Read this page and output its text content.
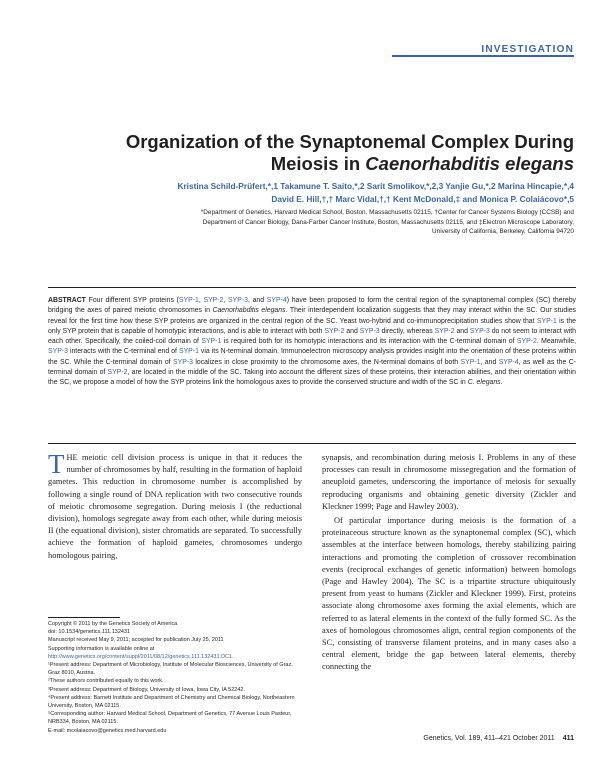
INVESTIGATION
Organization of the Synaptonemal Complex During
Meiosis in Caenorhabditis elegans
Kristina Schild-Prüfert,*,1 Takamune T. Saito,*,2 Sarit Smolikov,*,2,3 Yanjie Gu,*,2 Marina Hincapie,*,4
David E. Hill,†,† Marc Vidal,†,† Kent McDonald,‡ and Monica P. Colaiácovo*,5
*Department of Genetics, Harvard Medical School, Boston, Massachusetts 02115, †Center for Cancer Systems Biology (CCSB) and
Department of Cancer Biology, Dana-Farber Cancer Institute, Boston, Massachusetts 02115, and ‡Electron Microscope Laboratory,
University of California, Berkeley, California 94720
ABSTRACT Four different SYP proteins (SYP-1, SYP-2, SYP-3, and SYP-4) have been proposed to form the central region of the synaptonemal complex (SC) thereby bridging the axes of paired meiotic chromosomes in Caenorhabditis elegans. Their interdependent localization suggests that they may interact within the SC. Our studies reveal for the first time how these SYP proteins are organized in the central region of the SC. Yeast two-hybrid and co-immunoprecipitation studies show that SYP-1 is the only SYP protein that is capable of homotypic interactions, and is able to interact with both SYP-2 and SYP-3 directly, whereas SYP-2 and SYP-3 do not seem to interact with each other. Specifically, the coiled-coil domain of SYP-1 is required both for its homotypic interactions and its interaction with the C-terminal domain of SYP-2. Meanwhile, SYP-3 interacts with the C-terminal end of SYP-1 via its N-terminal domain. Immunoelectron microscopy analysis provides insight into the orientation of these proteins within the SC. While the C-terminal domain of SYP-3 localizes in close proximity to the chromosome axes, the N-terminal domains of both SYP-1, and SYP-4, as well as the C-terminal domain of SYP-2, are located in the middle of the SC. Taking into account the different sizes of these proteins, their interaction abilities, and their orientation within the SC, we propose a model of how the SYP proteins link the homologous axes to provide the conserved structure and width of the SC in C. elegans.
THE meiotic cell division process is unique in that it reduces the number of chromosomes by half, resulting in the formation of haploid gametes. This reduction in chromosome number is accomplished by following a single round of DNA replication with two consecutive rounds of meiotic chromosome segregation. During meiosis I (the reductional division), homologs segregate away from each other, while during meiosis II (the equational division), sister chromatids are separated. To successfully achieve the formation of haploid gametes, chromosomes undergo homologous pairing,
synapsis, and recombination during meiosis I. Problems in any of these processes can result in chromosome missegregation and the formation of aneuploid gametes, underscoring the importance of meiosis for sexually reproducing organisms and obtaining genetic diversity (Zickler and Kleckner 1999; Page and Hawley 2003).
Of particular importance during meiosis is the formation of a proteinaceous structure known as the synaptonemal complex (SC), which assembles at the interface between homologs, thereby stabilizing pairing interactions and promoting the completion of crossover recombination events (reciprocal exchanges of genetic information) between homologs (Page and Hawley 2004). The SC is a tripartite structure ubiquitously present from yeast to humans (Zickler and Kleckner 1999). First, proteins associate along chromosome axes forming the axial elements, which are referred to as lateral elements in the context of the fully formed SC. As the axes of homologous chromosomes align, central region components of the SC, consisting of transverse filament proteins, and in many cases also a central element, bridge the gap between lateral elements, thereby connecting the
Copyright © 2011 by the Genetics Society of America
doi: 10.1534/genetics.111.132431
Manuscript received May 9, 2011; accepted for publication July 25, 2011
Supporting information is available online at http://www.genetics.org/content/suppl/2011/08/12/genetics.111.132431.DC1.
¹Present address: Department of Microbiology, Institute of Molecular Biosciences, University of Graz, Graz 8010, Austria.
²These authors contributed equally to this work.
³Present address: Department of Biology, University of Iowa, Iowa City, IA 52242.
⁴Present address: Barnett Institute and Department of Chemistry and Chemical Biology, Northeastern University, Boston, MA 02115.
⁵Corresponding author: Harvard Medical School, Department of Genetics, 77 Avenue Louis Pasteur, NRB334, Boston, MA 02115.
E-mail: mcolaiacovo@genetics.med.harvard.edu
Genetics, Vol. 189, 411–421 October 2011 411
